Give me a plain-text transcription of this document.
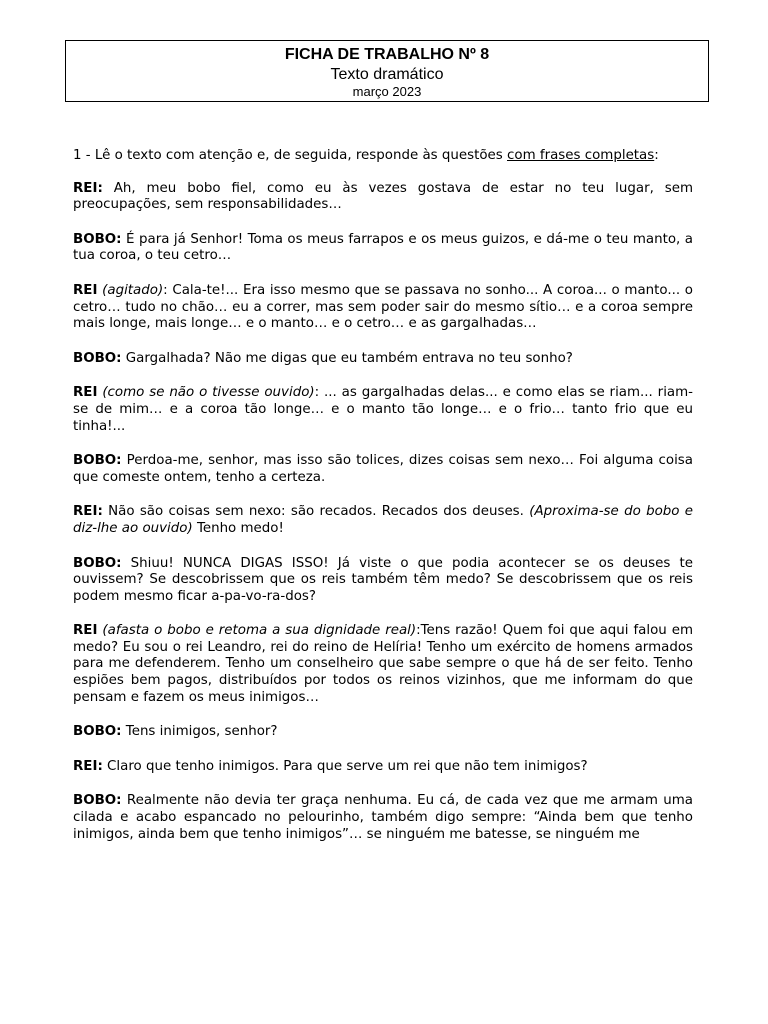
FICHA DE TRABALHO Nº 8
Texto dramático
março 2023

1 - Lê o texto com atenção e, de seguida, responde às questões com frases completas:

REI: Ah, meu bobo fiel, como eu às vezes gostava de estar no teu lugar, sem preocupações, sem responsabilidades…

BOBO: É para já Senhor! Toma os meus farrapos e os meus guizos, e dá-me o teu manto, a tua coroa, o teu cetro…

REI (agitado): Cala-te!... Era isso mesmo que se passava no sonho... A coroa... o manto... o cetro… tudo no chão… eu a correr, mas sem poder sair do mesmo sítio… e a coroa sempre mais longe, mais longe… e o manto… e o cetro… e as gargalhadas…

BOBO: Gargalhada? Não me digas que eu também entrava no teu sonho?

REI (como se não o tivesse ouvido): ... as gargalhadas delas... e como elas se riam... riam-se de mim… e a coroa tão longe… e o manto tão longe… e o frio… tanto frio que eu tinha!...

BOBO: Perdoa-me, senhor, mas isso são tolices, dizes coisas sem nexo… Foi alguma coisa que comeste ontem, tenho a certeza.

REI: Não são coisas sem nexo: são recados. Recados dos deuses. (Aproxima-se do bobo e diz-lhe ao ouvido) Tenho medo!

BOBO: Shiuu! NUNCA DIGAS ISSO! Já viste o que podia acontecer se os deuses te ouvissem? Se descobrissem que os reis também têm medo? Se descobrissem que os reis podem mesmo ficar a-pa-vo-ra-dos?

REI (afasta o bobo e retoma a sua dignidade real):Tens razão! Quem foi que aqui falou em medo? Eu sou o rei Leandro, rei do reino de Helíria! Tenho um exército de homens armados para me defenderem. Tenho um conselheiro que sabe sempre o que há de ser feito. Tenho espiões bem pagos, distribuídos por todos os reinos vizinhos, que me informam do que pensam e fazem os meus inimigos…

BOBO: Tens inimigos, senhor?

REI: Claro que tenho inimigos. Para que serve um rei que não tem inimigos?

BOBO: Realmente não devia ter graça nenhuma. Eu cá, de cada vez que me armam uma cilada e acabo espancado no pelourinho, também digo sempre: “Ainda bem que tenho inimigos, ainda bem que tenho inimigos”… se ninguém me batesse, se ninguém me
